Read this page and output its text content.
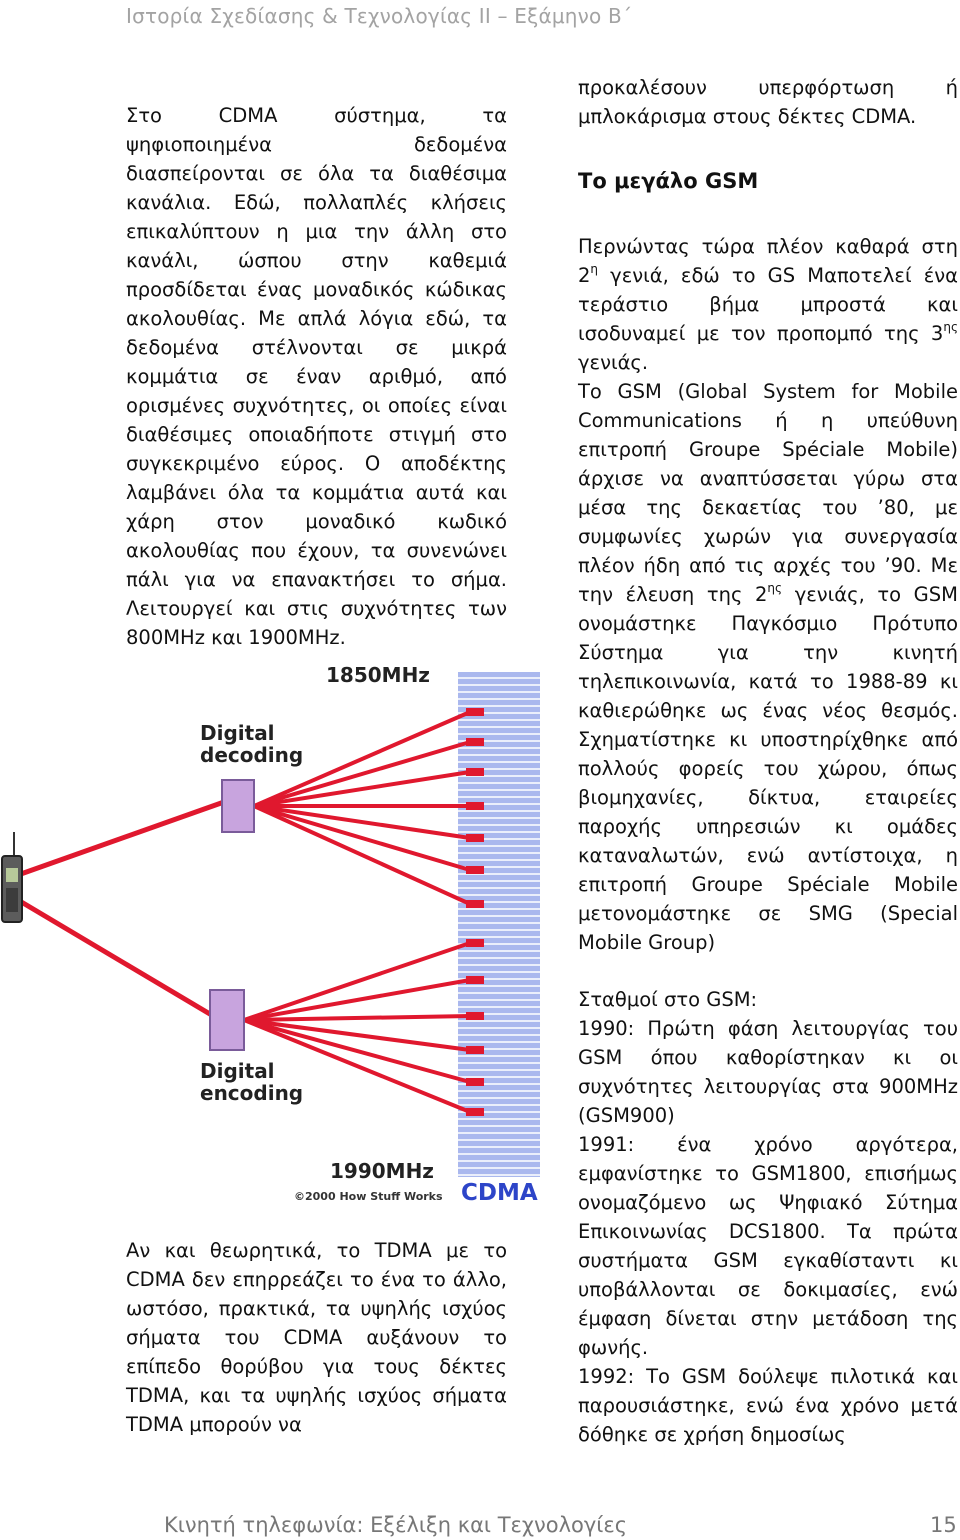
Ιστορία Σχεδίασης & Τεχνολογίας ΙΙ – Εξάμηνο Β΄

Στο CDMA σύστημα, τα ψηφιοποιημένα δεδομένα διασπείρονται σε όλα τα διαθέσιμα κανάλια. Εδώ, πολλαπλές κλήσεις επικαλύπτουν η μια την άλλη στο κανάλι, ώσπου στην καθεμιά προσδίδεται ένας μοναδικός κώδικας ακολουθίας. Με απλά λόγια εδώ, τα δεδομένα στέλνονται σε μικρά κομμάτια σε έναν αριθμό, από ορισμένες συχνότητες, οι οποίες είναι διαθέσιμες οποιαδήποτε στιγμή στο συγκεκριμένο εύρος. Ο αποδέκτης λαμβάνει όλα τα κομμάτια αυτά και χάρη στον μοναδικό κωδικό ακολουθίας που έχουν, τα συνενώνει πάλι για να επανακτήσει το σήμα. Λειτουργεί και στις συχνότητες των 800MHz και 1900MHz.

1850MHz
Digital
decoding
Digital
encoding
1990MHz
©2000 How Stuff Works CDMA

Αν και θεωρητικά, το TDMA με το CDMA δεν επηρρεάζει το ένα το άλλο, ωστόσο, πρακτικά, τα υψηλής ισχύος σήματα του CDMA αυξάνουν το επίπεδο θορύβου για τους δέκτες TDMA, και τα υψηλής ισχύος σήματα TDMA μπορούν να

προκαλέσουν υπερφόρτωση ή μπλοκάρισμα στους δέκτες CDMA.

Το μεγάλο GSM

Περνώντας τώρα πλέον καθαρά στη $2^\eta$ γενιά, εδώ το GS Μαποτελεί ένα τεράστιο βήμα μπροστά και ισοδυναμεί με τον προπομπό της $3^{\eta\varsigma}$ γενιάς.

Το GSM (Global System for Mobile Communications ή η υπεύθυνη επιτροπή Groupe Spéciale Mobile) άρχισε να αναπτύσσεται γύρω στα μέσα της δεκαετίας του ’80, με συμφωνίες χωρών για συνεργασία πλέον ήδη από τις αρχές του ’90. Με την έλευση της $2^{\eta\varsigma}$ γενιάς, το GSM ονομάστηκε Παγκόσμιο Πρότυπο Σύστημα για την κινητή τηλεπικοινωνία, κατά το 1988-89 κι καθιερώθηκε ως ένας νέος θεσμός. Σχηματίστηκε κι υποστηρίχθηκε από πολλούς φορείς του χώρου, όπως βιομηχανίες, δίκτυα, εταιρείες παροχής υπηρεσιών κι ομάδες καταναλωτών, ενώ αντίστοιχα, η επιτροπή Groupe Spéciale Mobile μετονομάστηκε σε SMG (Special Mobile Group)

Σταθμοί στο GSM:

1990: Πρώτη φάση λειτουργίας του GSM όπου καθορίστηκαν κι οι συχνότητες λειτουργίας στα 900MHz (GSM900)

1991: ένα χρόνο αργότερα, εμφανίστηκε το GSM1800, επισήμως ονομαζόμενο ως Ψηφιακό Σύτημα Επικοινωνίας DCS1800. Τα πρώτα συστήματα GSM εγκαθίσταντι κι υποβάλλονται σε δοκιμασίες, ενώ έμφαση δίνεται στην μετάδοση της φωνής.

1992: Το GSM δούλεψε πιλοτικά και παρουσιάστηκε, ενώ ένα χρόνο μετά δόθηκε σε χρήση δημοσίως

Κινητή τηλεφωνία: Εξέλιξη και Τεχνολογίες	15
